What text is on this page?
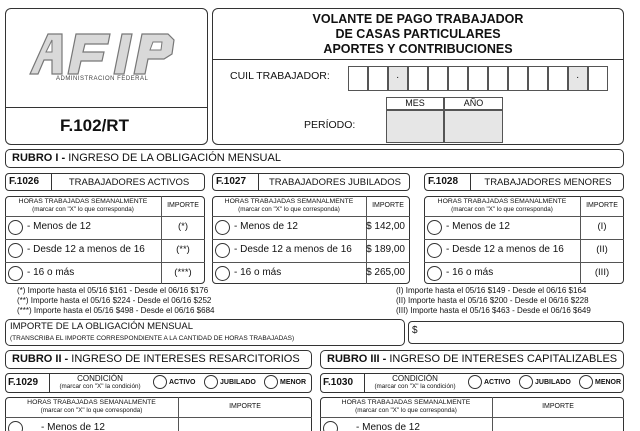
ADMINISTRACION FEDERAL
F.102/RT
VOLANTE DE PAGO TRABAJADOR
DE CASAS PARTICULARES
APORTES Y CONTRIBUCIONES
CUIL TRABAJADOR:	·	·
MES	AÑO
PERÍODO:
RUBRO I - INGRESO DE LA OBLIGACIÓN MENSUAL
F.1026	TRABAJADORES ACTIVOS
HORAS TRABAJADAS SEMANALMENTE
(marcar con "X" lo que corresponda)
IMPORTE
- Menos de 12	(*)
- Desde 12 a menos de 16	(**)
- 16 o más	(***)
F.1027	TRABAJADORES JUBILADOS
HORAS TRABAJADAS SEMANALMENTE
(marcar con "X" lo que corresponda)
IMPORTE
- Menos de 12	$ 142,00
- Desde 12 a menos de 16 $ 189,00
- 16 o más	$ 265,00
F.1028	TRABAJADORES MENORES
HORAS TRABAJADAS SEMANALMENTE
(marcar con "X" lo que corresponda)
IMPORTE
- Menos de 12	(I)
- Desde 12 a menos de 16	(II)
- 16 o más	(III)
(*) Importe hasta el 05/16 $161 - Desde el 06/16 $176
(**) Importe hasta el 05/16 $224 - Desde el 06/16 $252
(***) Importe hasta el 05/16 $498 - Desde el 06/16 $684
(I) Importe hasta el 05/16 $149 - Desde el 06/16 $164
(II) Importe hasta el 05/16 $200 - Desde el 06/16 $228
(III) Importe hasta el 05/16 $463 - Desde el 06/16 $649
IMPORTE DE LA OBLIGACIÓN MENSUAL
(TRANSCRIBA EL IMPORTE CORRESPONDIENTE A LA CANTIDAD DE HORAS TRABAJADAS)
$
RUBRO II - INGRESO DE INTERESES RESARCITORIOS
F.1029	CONDICIÓN
(marcar con "X" la condición)
ACTIVO	JUBILADO	MENOR
HORAS TRABAJADAS SEMANALMENTE
(marcar con "X" lo que corresponda)
IMPORTE
- Menos de 12
RUBRO III - INGRESO DE INTERESES CAPITALIZABLES
F.1030	CONDICIÓN
(marcar con "X" la condición)
ACTIVO	JUBILADO	MENOR
HORAS TRABAJADAS SEMANALMENTE
(marcar con "X" lo que corresponda)
IMPORTE
- Menos de 12
